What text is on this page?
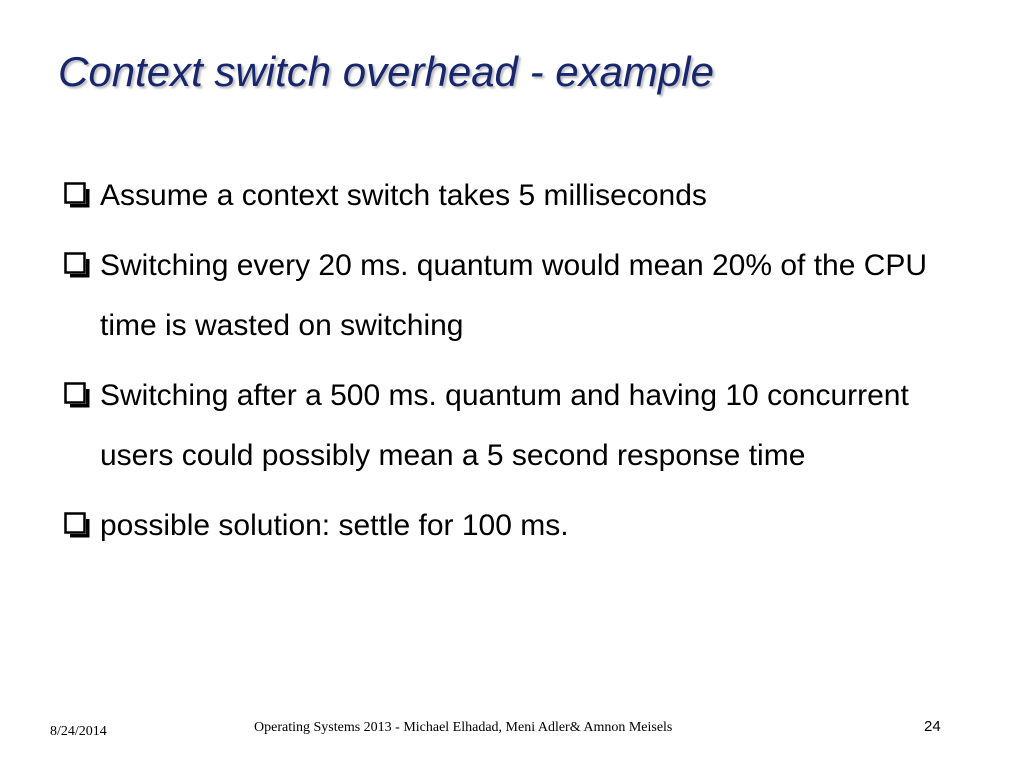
Context switch overhead - example
Assume a context switch takes 5 milliseconds
Switching every 20 ms. quantum would mean 20% of the CPU time is wasted on switching
Switching after a 500 ms. quantum and having 10 concurrent users could possibly mean a 5 second response time
possible solution: settle for 100 ms.
8/24/2014	Operating Systems 2013 - Michael Elhadad, Meni Adler& Amnon Meisels	24
